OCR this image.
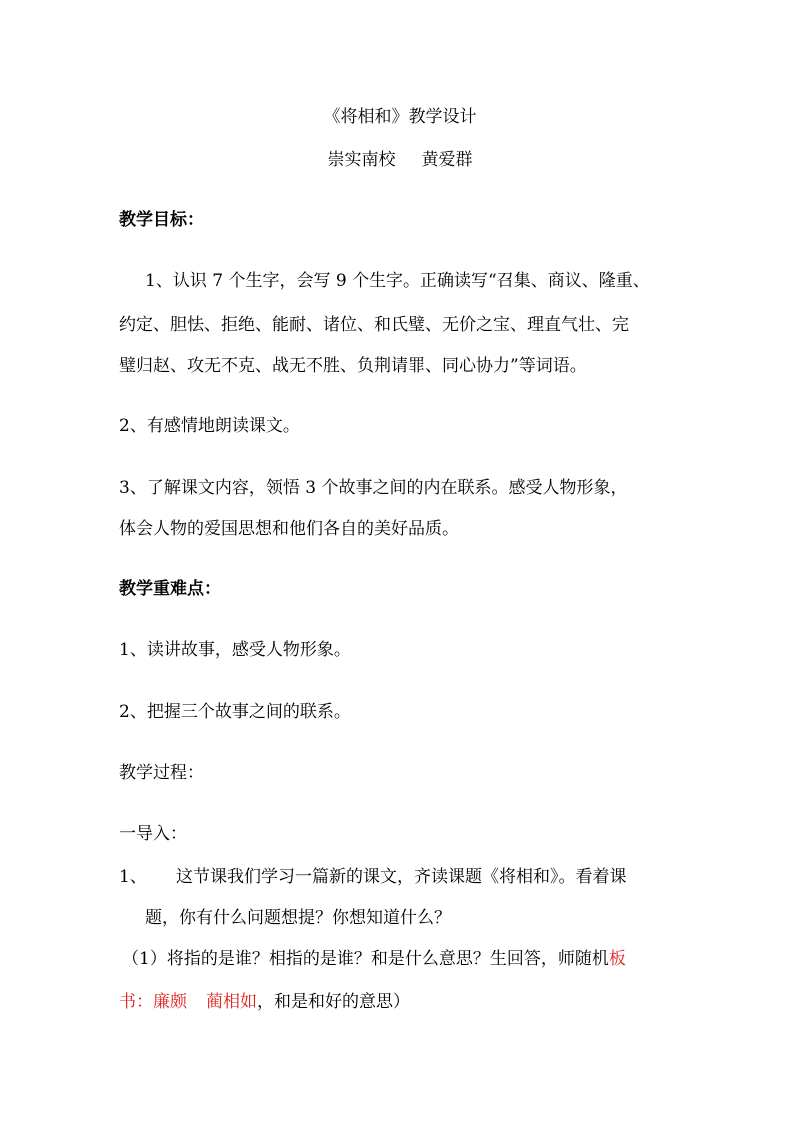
《将相和》教学设计
崇实南校 黄爱群
教学目标：
1、认识 7 个生字，会写 9 个生字。正确读写“召集、商议、隆重、
约定、胆怯、拒绝、能耐、诸位、和氏璧、无价之宝、理直气壮、完
璧归赵、攻无不克、战无不胜、负荆请罪、同心协力”等词语。
2、有感情地朗读课文。
3、了解课文内容，领悟 3 个故事之间的内在联系。感受人物形象，
体会人物的爱国思想和他们各自的美好品质。
教学重难点：
1、读讲故事，感受人物形象。
2、把握三个故事之间的联系。
教学过程：
一导入：
1、 这节课我们学习一篇新的课文，齐读课题《将相和》。看着课
题，你有什么问题想提？你想知道什么？
（1）将指的是谁？相指的是谁？和是什么意思？生回答，师随机板
书：廉颇 蔺相如，和是和好的意思）
